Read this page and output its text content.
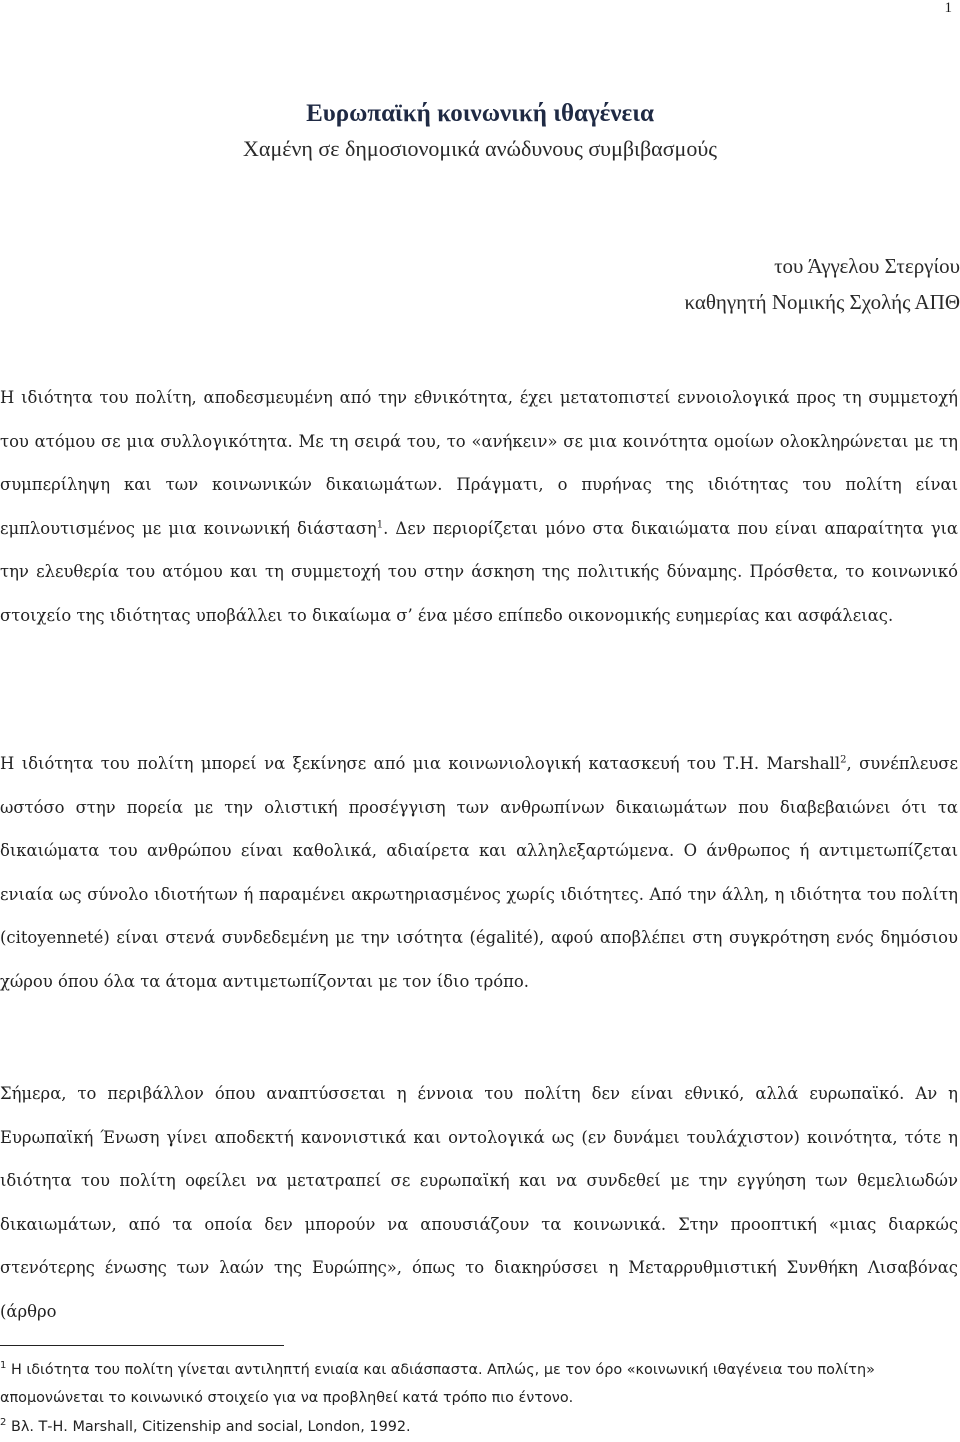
1

Ευρωπαϊκή κοινωνική ιθαγένεια

Χαμένη σε δημοσιονομικά ανώδυνους συμβιβασμούς

του Άγγελου Στεργίου
καθηγητή Νομικής Σχολής ΑΠΘ

Η ιδιότητα του πολίτη, αποδεσμευμένη από την εθνικότητα, έχει μετατοπιστεί εννοιολογικά προς τη συμμετοχή του ατόμου σε μια συλλογικότητα. Με τη σειρά του, το «ανήκειν» σε μια κοινότητα ομοίων ολοκληρώνεται με τη συμπερίληψη και των κοινωνικών δικαιωμάτων. Πράγματι, ο πυρήνας της ιδιότητας του πολίτη είναι εμπλουτισμένος με μια κοινωνική διάσταση$^1$. Δεν περιορίζεται μόνο στα δικαιώματα που είναι απαραίτητα για την ελευθερία του ατόμου και τη συμμετοχή του στην άσκηση της πολιτικής δύναμης. Πρόσθετα, το κοινωνικό στοιχείο της ιδιότητας υποβάλλει το δικαίωμα σ’ ένα μέσο επίπεδο οικονομικής ευημερίας και ασφάλειας.

Η ιδιότητα του πολίτη μπορεί να ξεκίνησε από μια κοινωνιολογική κατασκευή του Τ.Η. Marshall$^2$, συνέπλευσε ωστόσο στην πορεία με την ολιστική προσέγγιση των ανθρωπίνων δικαιωμάτων που διαβεβαιώνει ότι τα δικαιώματα του ανθρώπου είναι καθολικά, αδιαίρετα και αλληλεξαρτώμενα. Ο άνθρωπος ή αντιμετωπίζεται ενιαία ως σύνολο ιδιοτήτων ή παραμένει ακρωτηριασμένος χωρίς ιδιότητες. Από την άλλη, η ιδιότητα του πολίτη (citoyenneté) είναι στενά συνδεδεμένη με την ισότητα (égalité), αφού αποβλέπει στη συγκρότηση ενός δημόσιου χώρου όπου όλα τα άτομα αντιμετωπίζονται με τον ίδιο τρόπο.

Σήμερα, το περιβάλλον όπου αναπτύσσεται η έννοια του πολίτη δεν είναι εθνικό, αλλά ευρωπαϊκό. Αν η Ευρωπαϊκή Ένωση γίνει αποδεκτή κανονιστικά και οντολογικά ως (εν δυνάμει τουλάχιστον) κοινότητα, τότε η ιδιότητα του πολίτη οφείλει να μετατραπεί σε ευρωπαϊκή και να συνδεθεί με την εγγύηση των θεμελιωδών δικαιωμάτων, από τα οποία δεν μπορούν να απουσιάζουν τα κοινωνικά. Στην προοπτική «μιας διαρκώς στενότερης ένωσης των λαών της Ευρώπης», όπως το διακηρύσσει η Μεταρρυθμιστική Συνθήκη Λισαβόνας (άρθρο

$^1$ Η ιδιότητα του πολίτη γίνεται αντιληπτή ενιαία και αδιάσπαστα. Απλώς, με τον όρο «κοινωνική ιθαγένεια του πολίτη» απομονώνεται το κοινωνικό στοιχείο για να προβληθεί κατά τρόπο πιο έντονο.

$^2$ Βλ. Τ-Η. Marshall, Citizenship and social, London, 1992.
